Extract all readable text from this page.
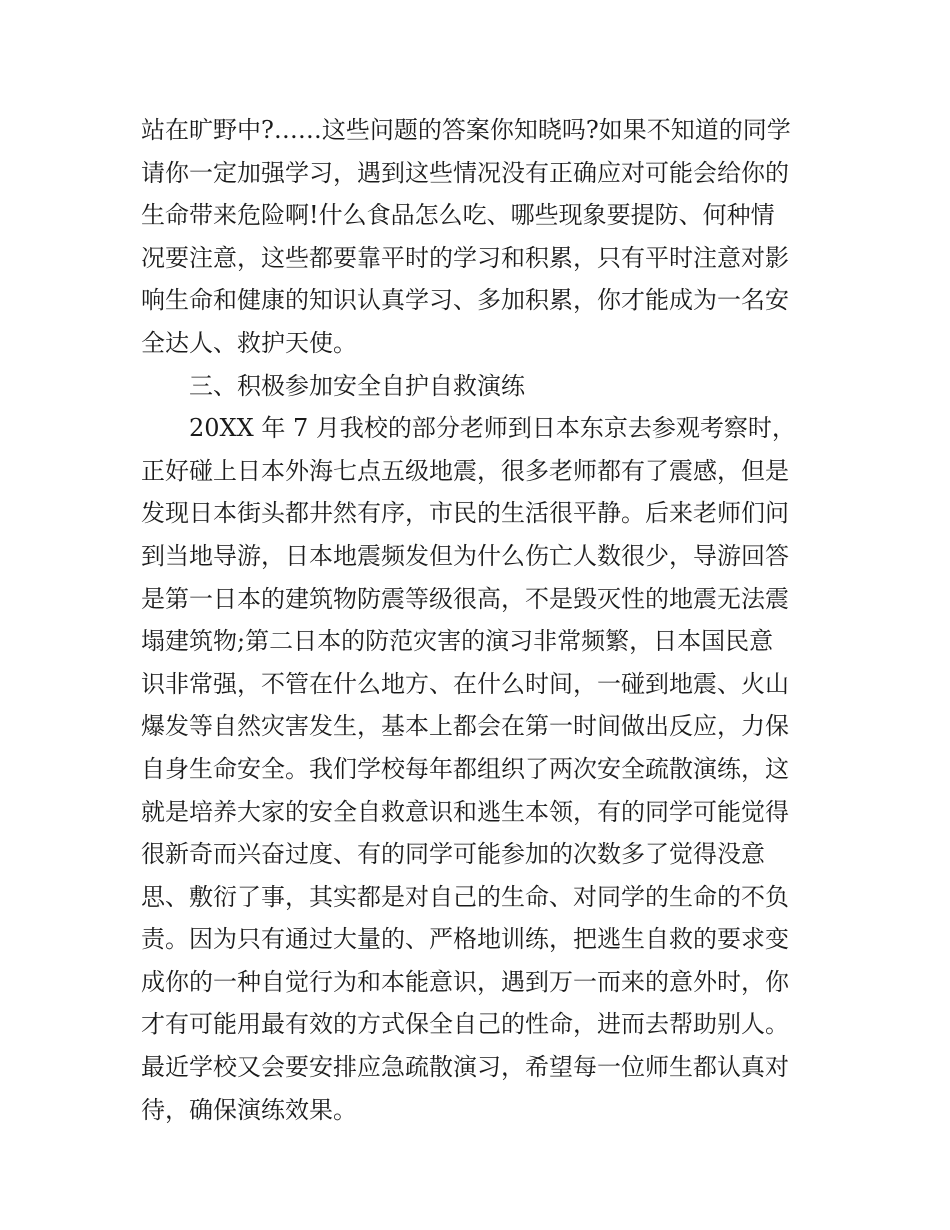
站在旷野中?……这些问题的答案你知晓吗?如果不知道的同学
请你一定加强学习，遇到这些情况没有正确应对可能会给你的
生命带来危险啊!什么食品怎么吃、哪些现象要提防、何种情
况要注意，这些都要靠平时的学习和积累，只有平时注意对影
响生命和健康的知识认真学习、多加积累，你才能成为一名安
全达人、救护天使。
三、积极参加安全自护自救演练
20XX 年 7 月我校的部分老师到日本东京去参观考察时，
正好碰上日本外海七点五级地震，很多老师都有了震感，但是
发现日本街头都井然有序，市民的生活很平静。后来老师们问
到当地导游，日本地震频发但为什么伤亡人数很少，导游回答
是第一日本的建筑物防震等级很高，不是毁灭性的地震无法震
塌建筑物;第二日本的防范灾害的演习非常频繁，日本国民意
识非常强，不管在什么地方、在什么时间，一碰到地震、火山
爆发等自然灾害发生，基本上都会在第一时间做出反应，力保
自身生命安全。我们学校每年都组织了两次安全疏散演练，这
就是培养大家的安全自救意识和逃生本领，有的同学可能觉得
很新奇而兴奋过度、有的同学可能参加的次数多了觉得没意
思、敷衍了事，其实都是对自己的生命、对同学的生命的不负
责。因为只有通过大量的、严格地训练，把逃生自救的要求变
成你的一种自觉行为和本能意识，遇到万一而来的意外时，你
才有可能用最有效的方式保全自己的性命，进而去帮助别人。
最近学校又会要安排应急疏散演习，希望每一位师生都认真对
待，确保演练效果。
